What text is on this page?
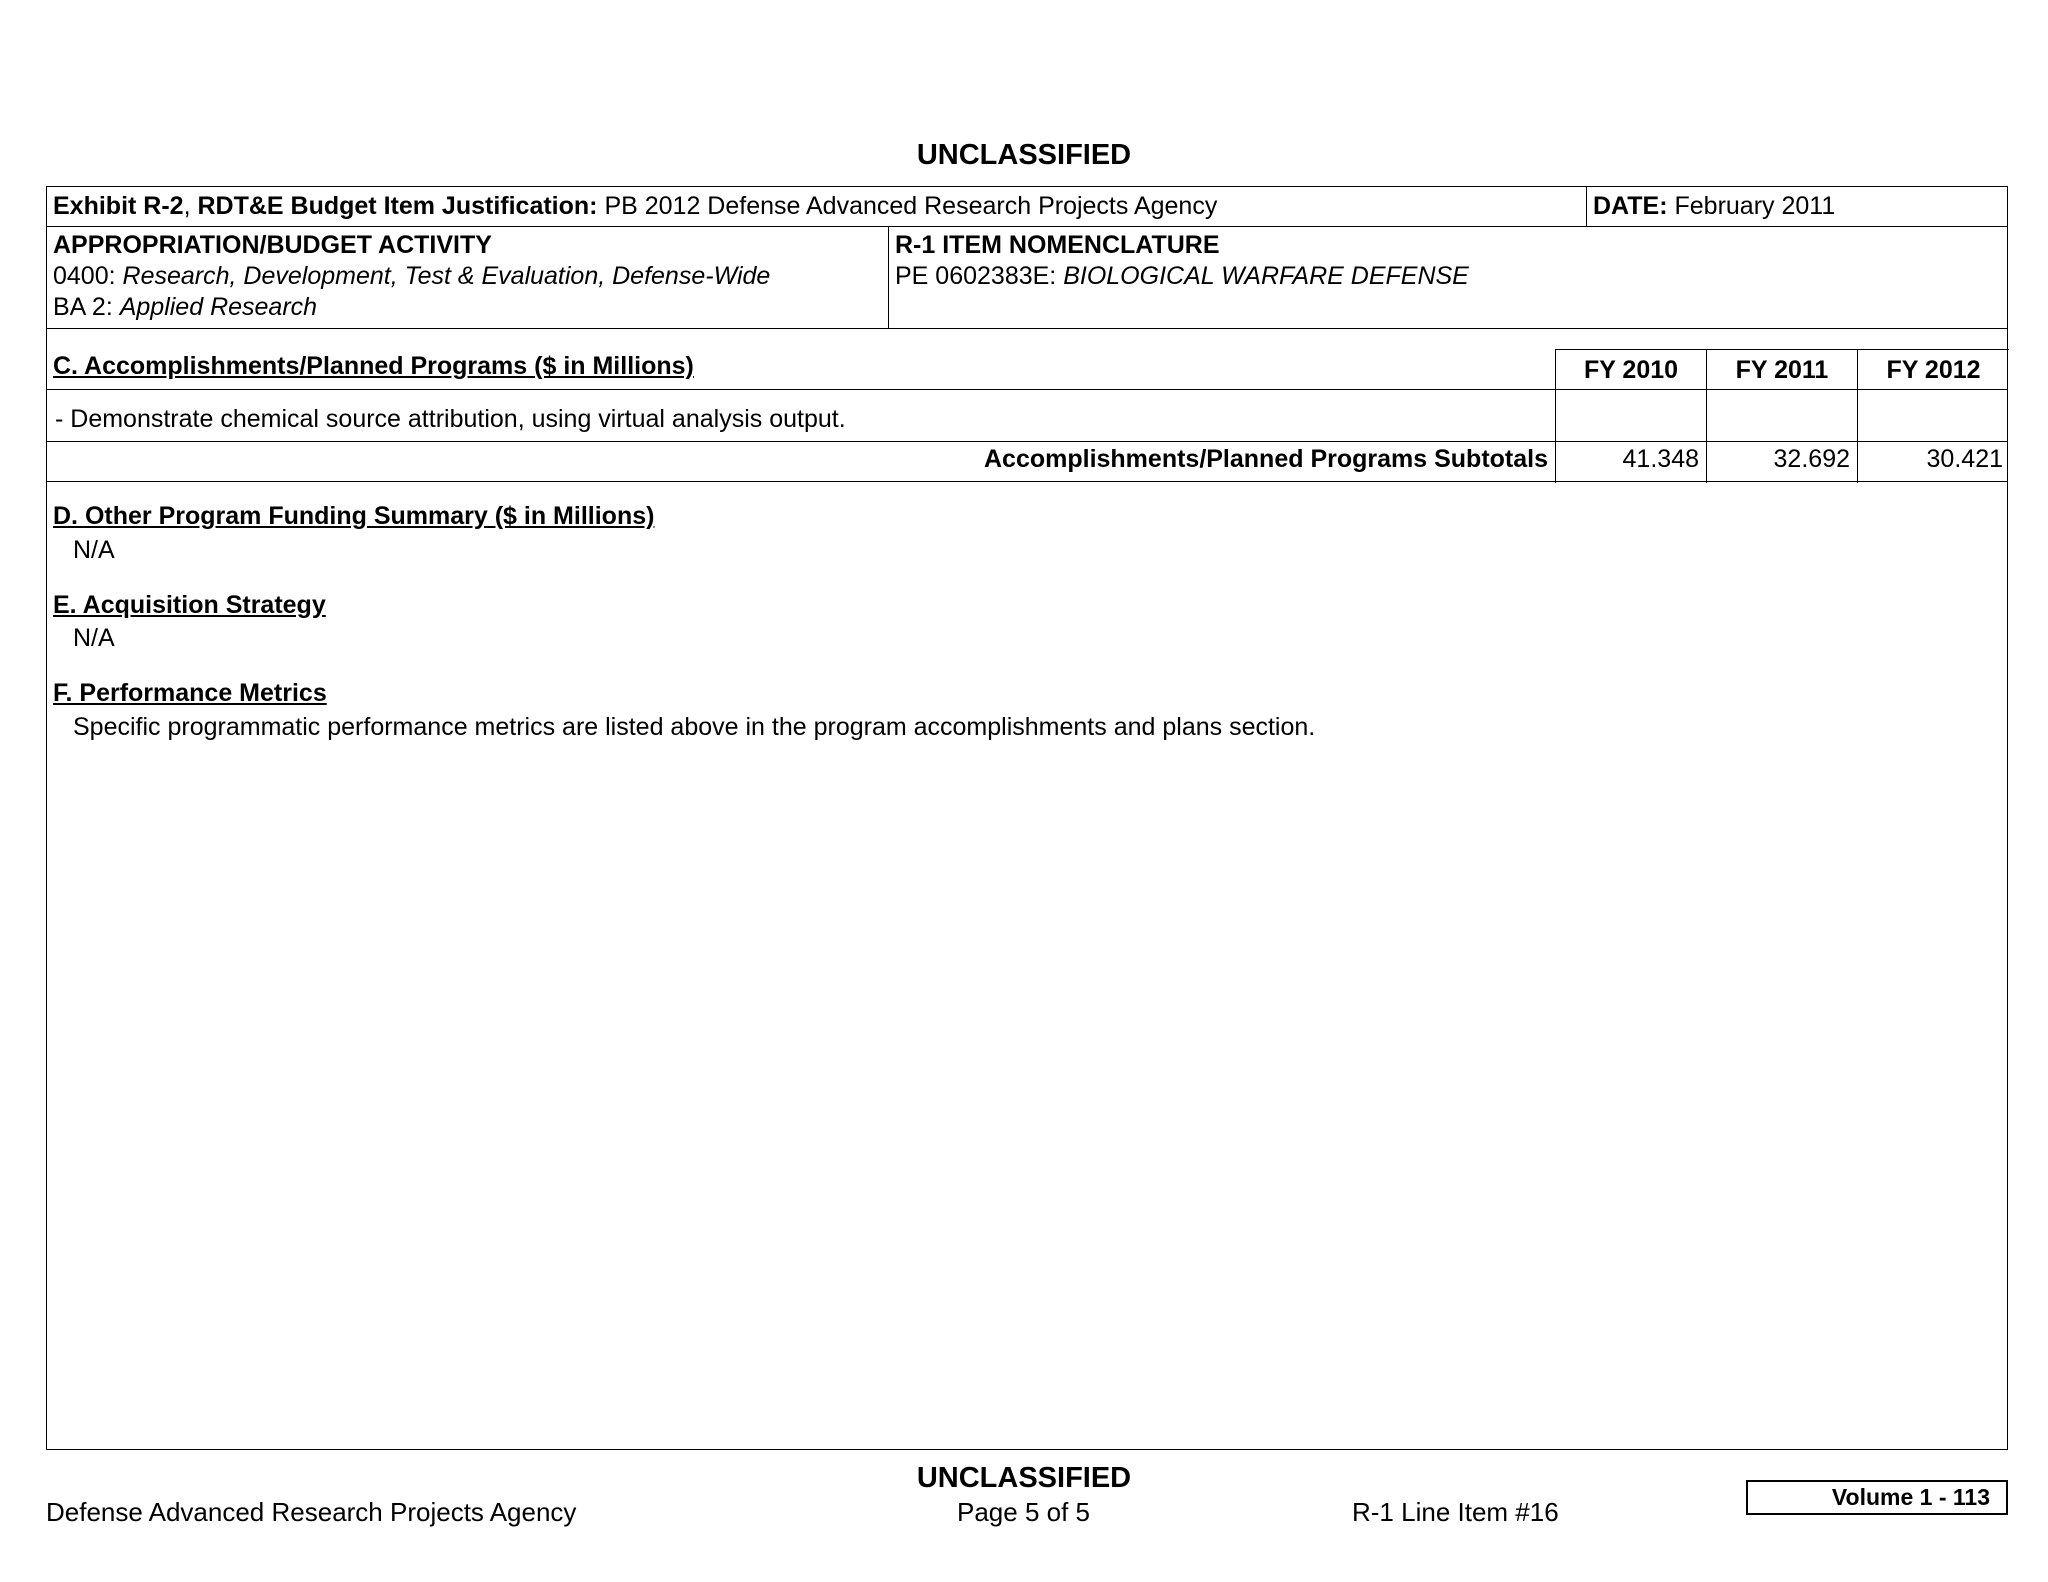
UNCLASSIFIED
Exhibit R-2, RDT&E Budget Item Justification: PB 2012 Defense Advanced Research Projects Agency	DATE: February 2011
APPROPRIATION/BUDGET ACTIVITY
0400: Research, Development, Test & Evaluation, Defense-Wide
BA 2: Applied Research
R-1 ITEM NOMENCLATURE
PE 0602383E: BIOLOGICAL WARFARE DEFENSE
C. Accomplishments/Planned Programs ($ in Millions)	FY 2010	FY 2011	FY 2012
- Demonstrate chemical source attribution, using virtual analysis output.
Accomplishments/Planned Programs Subtotals	41.348	32.692	30.421
D. Other Program Funding Summary ($ in Millions)
N/A
E. Acquisition Strategy
N/A
F. Performance Metrics
Specific programmatic performance metrics are listed above in the program accomplishments and plans section.
UNCLASSIFIED
Defense Advanced Research Projects Agency	Page 5 of 5	R-1 Line Item #16	Volume 1 - 113
